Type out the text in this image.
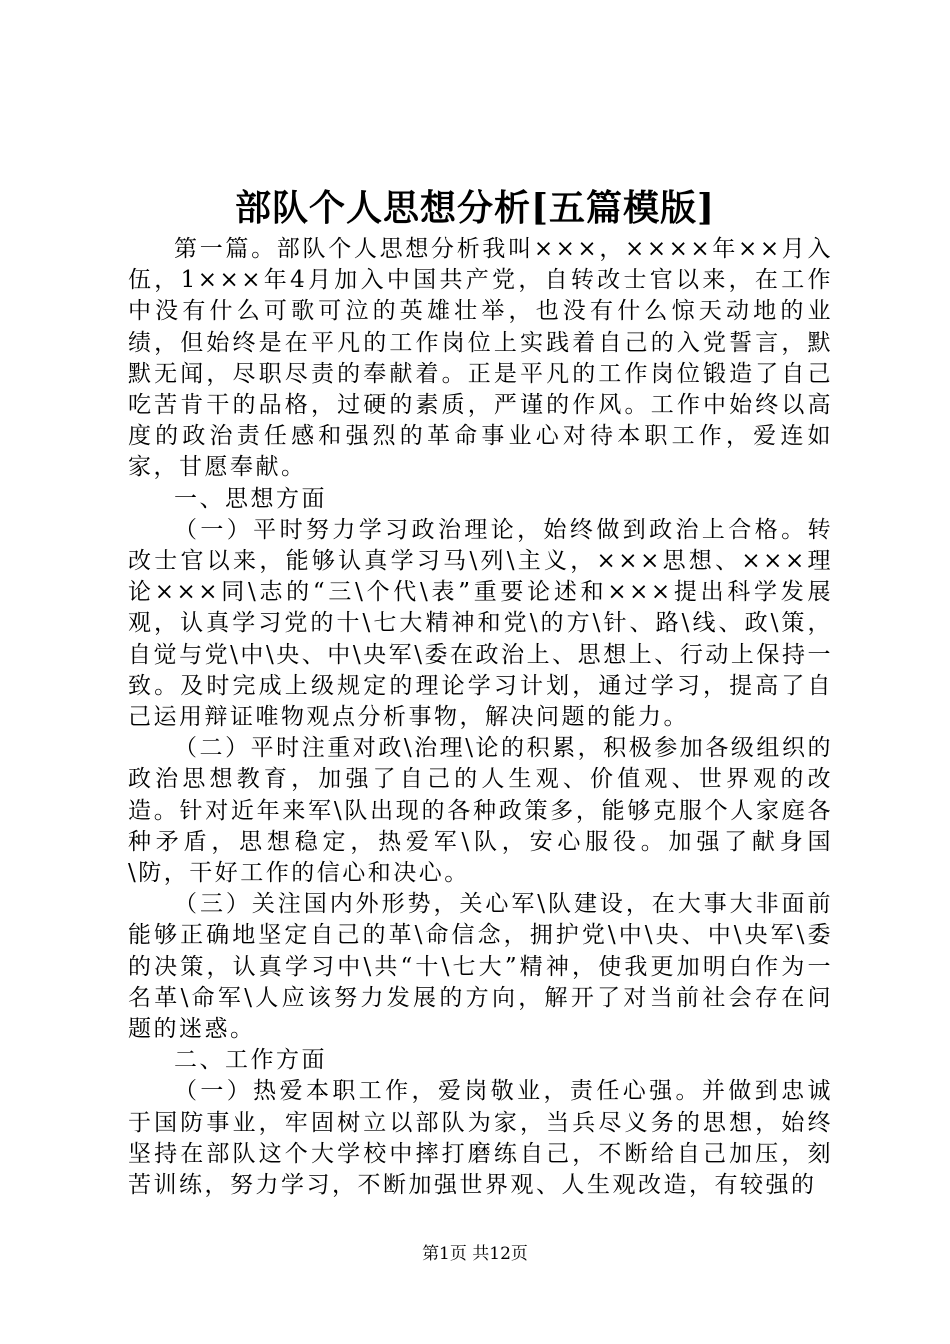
部队个人思想分析[五篇模版]

第一篇。部队个人思想分析我叫×××，××××年××月入伍，1×××年4月加入中国共产党，自转改士官以来，在工作中没有什么可歌可泣的英雄壮举，也没有什么惊天动地的业绩，但始终是在平凡的工作岗位上实践着自己的入党誓言，默默无闻，尽职尽责的奉献着。正是平凡的工作岗位锻造了自己吃苦肯干的品格，过硬的素质，严谨的作风。工作中始终以高度的政治责任感和强烈的革命事业心对待本职工作，爱连如家，甘愿奉献。

一、思想方面

（一）平时努力学习政治理论，始终做到政治上合格。转改士官以来，能够认真学习马\列\主义，×××思想、×××理论×××同\志的“三\个代\表”重要论述和×××提出科学发展观，认真学习党的十\七大精神和党\的方\针、路\线、政\策，自觉与党\中\央、中\央军\委在政治上、思想上、行动上保持一致。及时完成上级规定的理论学习计划，通过学习，提高了自己运用辩证唯物观点分析事物，解决问题的能力。

（二）平时注重对政\治理\论的积累，积极参加各级组织的政治思想教育，加强了自己的人生观、价值观、世界观的改造。针对近年来军\队出现的各种政策多，能够克服个人家庭各种矛盾，思想稳定，热爱军\队，安心服役。加强了献身国\防，干好工作的信心和决心。

（三）关注国内外形势，关心军\队建设，在大事大非面前能够正确地坚定自己的革\命信念，拥护党\中\央、中\央军\委的决策，认真学习中\共“十\七大”精神，使我更加明白作为一名革\命军\人应该努力发展的方向，解开了对当前社会存在问题的迷惑。

二、工作方面

（一）热爱本职工作，爱岗敬业，责任心强。并做到忠诚于国防事业，牢固树立以部队为家，当兵尽义务的思想，始终坚持在部队这个大学校中摔打磨练自己，不断给自己加压，刻苦训练，努力学习，不断加强世界观、人生观改造，有较强的

第1页 共12页
